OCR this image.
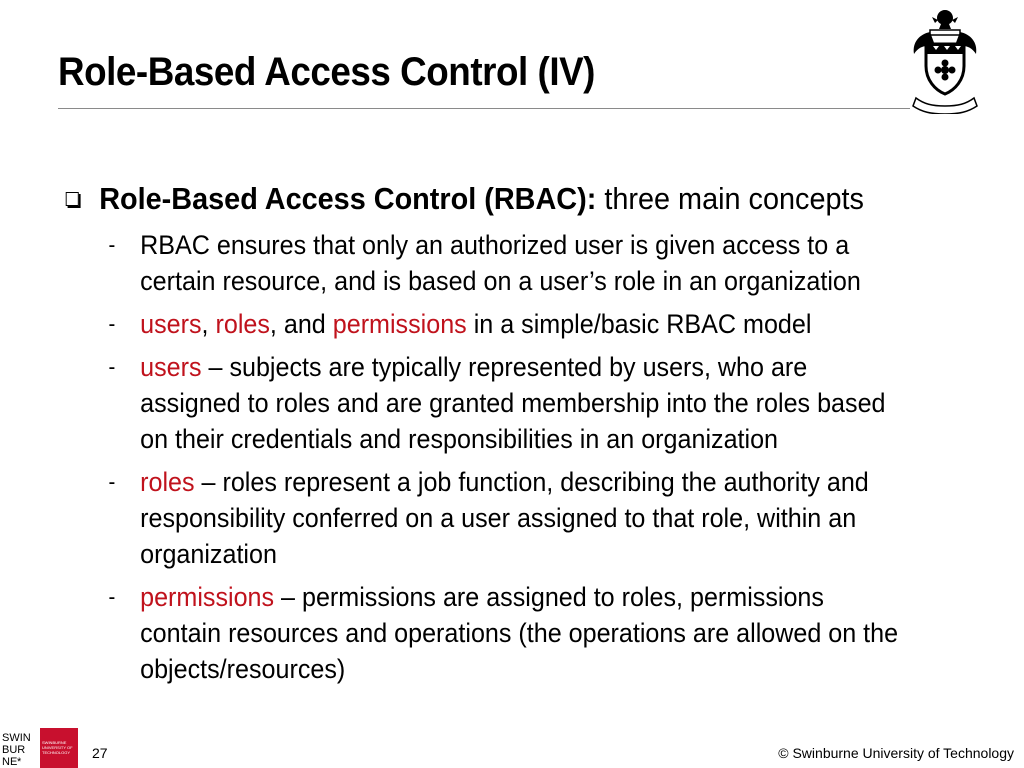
Role-Based Access Control (IV)
Role-Based Access Control (RBAC): three main concepts
- RBAC ensures that only an authorized user is given access to a
certain resource, and is based on a user’s role in an organization
- users, roles, and permissions in a simple/basic RBAC model
- users – subjects are typically represented by users, who are
assigned to roles and are granted membership into the roles based
on their credentials and responsibilities in an organization
- roles – roles represent a job function, describing the authority and
responsibility conferred on a user assigned to that role, within an
organization
- permissions – permissions are assigned to roles, permissions
contain resources and operations (the operations are allowed on the
objects/resources)
SWIN
BUR
NE *
SWINBURNE
UNIVERSITY OF
TECHNOLOGY 27	© Swinburne University of Technology
